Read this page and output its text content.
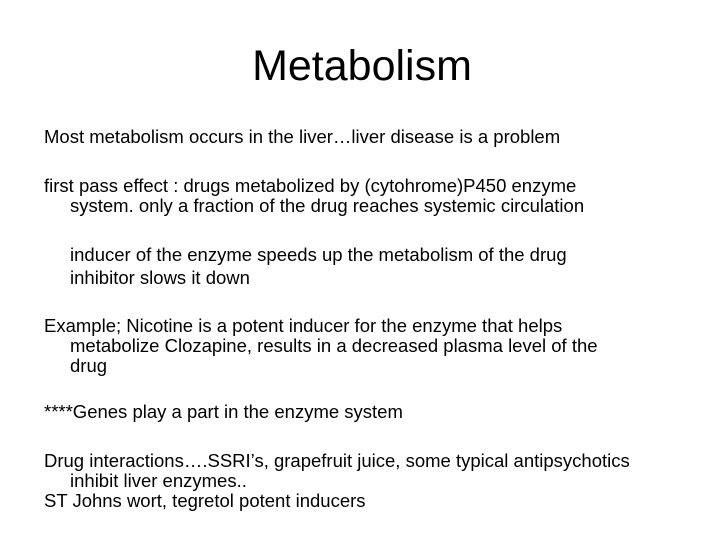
Metabolism

Most metabolism occurs in the liver…liver disease is a problem

first pass effect : drugs metabolized by (cytohrome)P450 enzyme
system. only a fraction of the drug reaches systemic circulation

inducer of the enzyme speeds up the metabolism of the drug
inhibitor slows it down

Example; Nicotine is a potent inducer for the enzyme that helps
metabolize Clozapine, results in a decreased plasma level of the
drug

****Genes play a part in the enzyme system

Drug interactions….SSRI’s, grapefruit juice, some typical antipsychotics
inhibit liver enzymes..
ST Johns wort, tegretol potent inducers
